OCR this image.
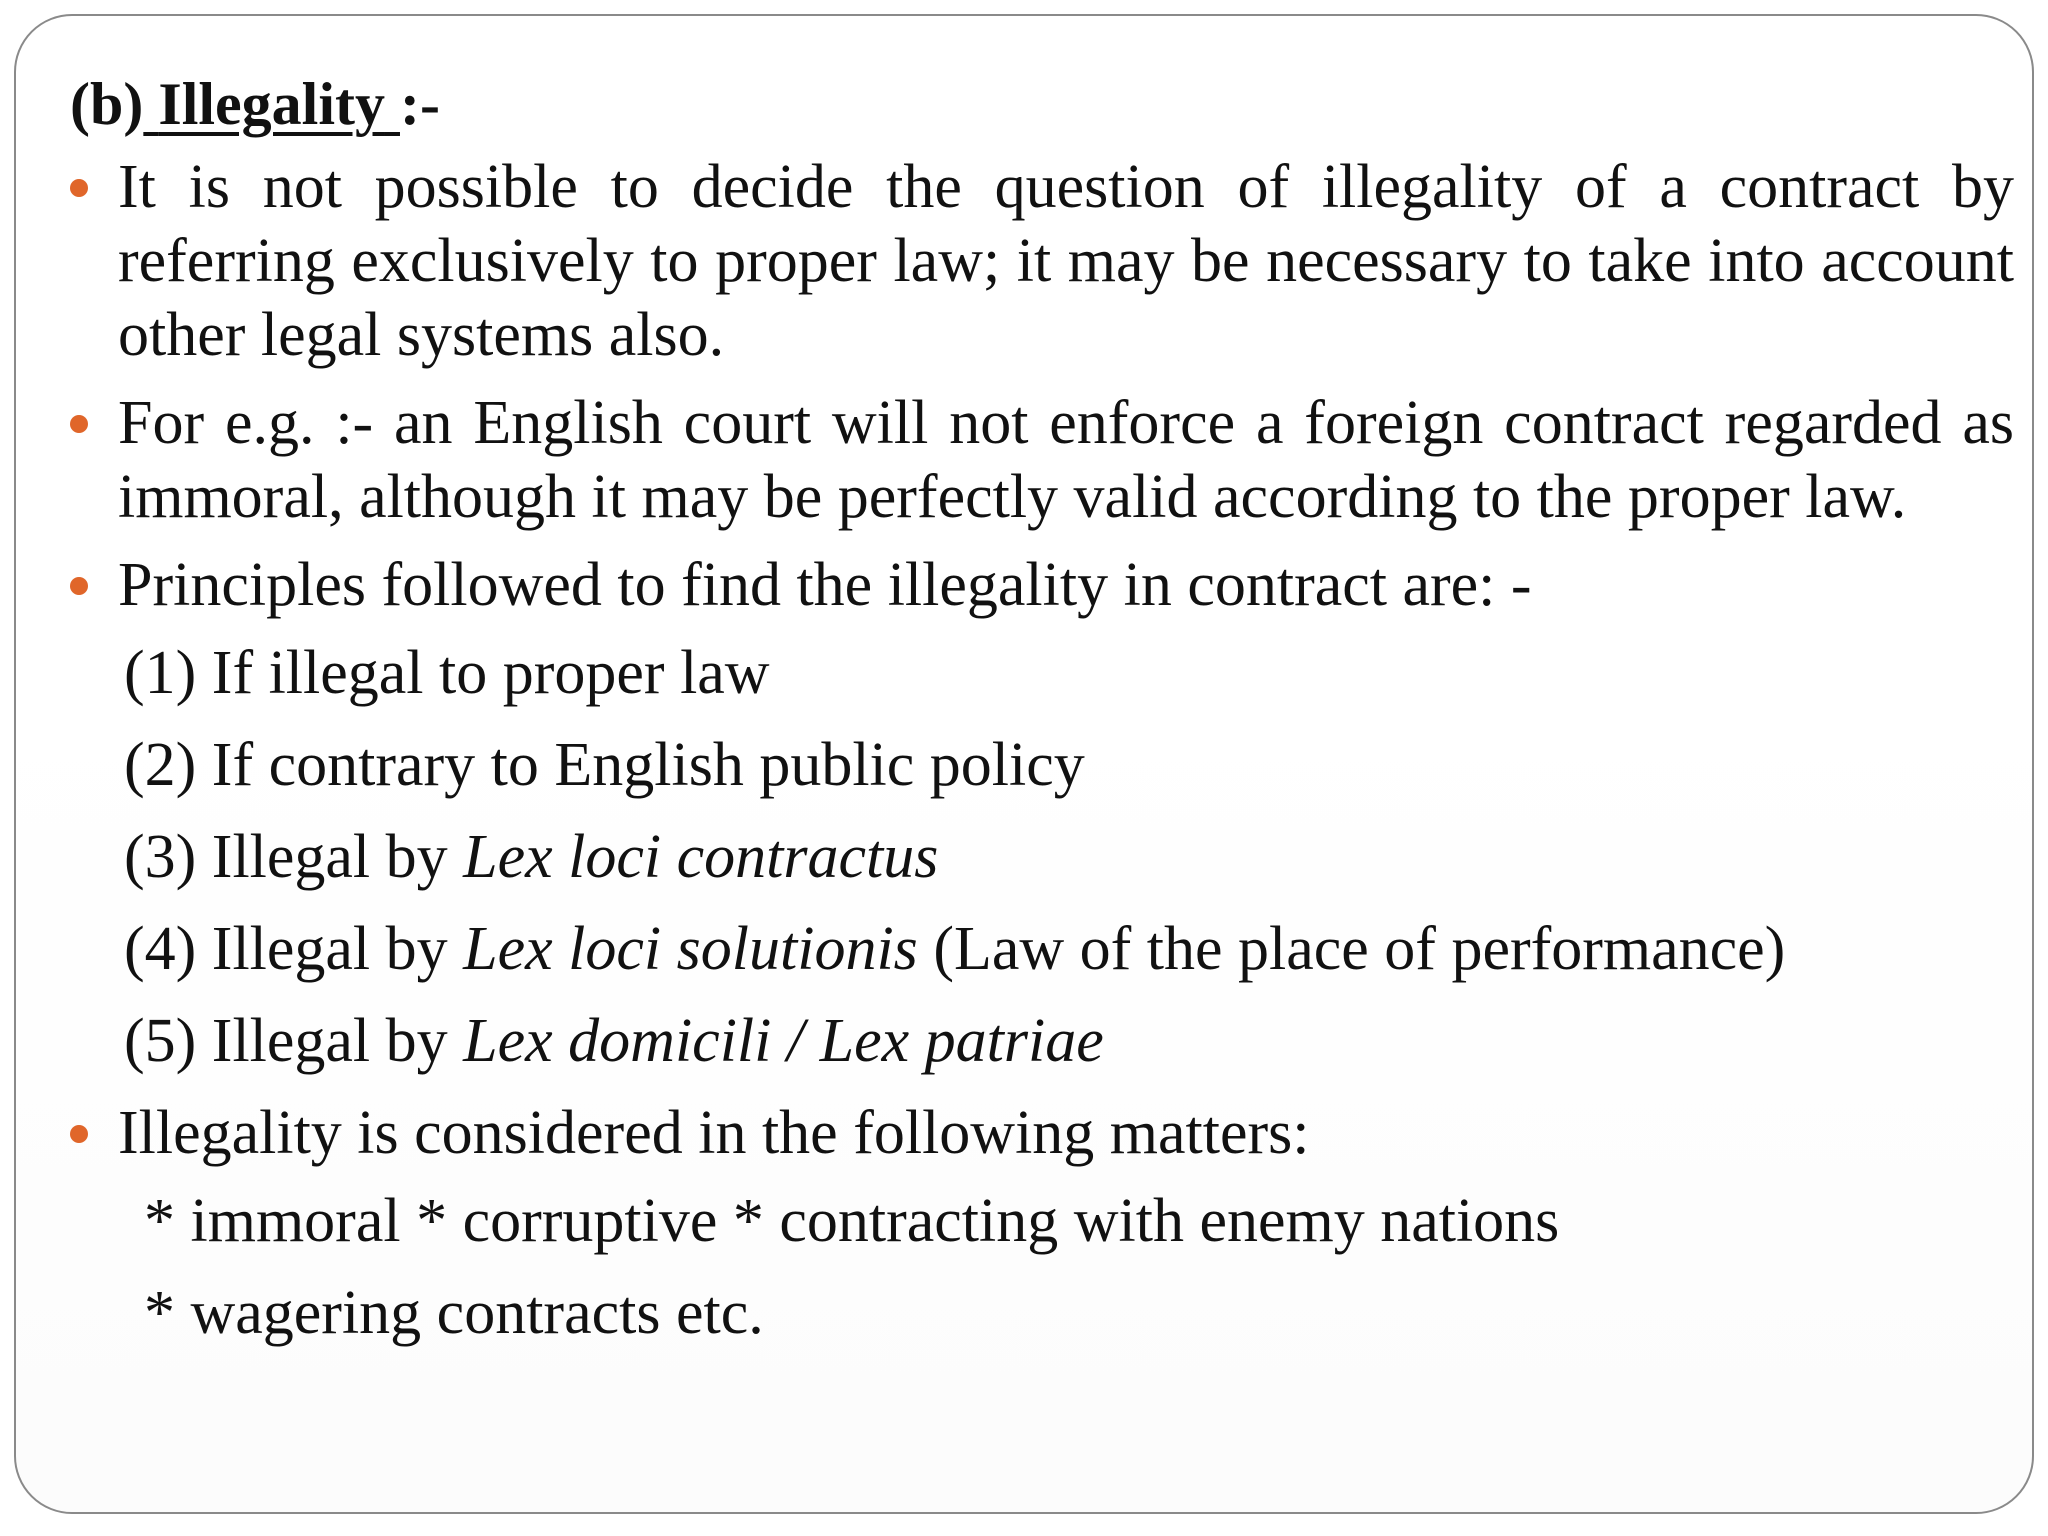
(b) Illegality :-
It is not possible to decide the question of illegality of a contract by referring exclusively to proper law; it may be necessary to take into account other legal systems also.
For e.g. :- an English court will not enforce a foreign contract regarded as immoral, although it may be perfectly valid according to the proper law.
Principles followed to find the illegality in contract are: -
(1) If illegal to proper law
(2) If contrary to English public policy
(3) Illegal by Lex loci contractus
(4) Illegal by Lex loci solutionis (Law of the place of performance)
(5) Illegal by Lex domicili / Lex patriae
Illegality is considered in the following matters:
* immoral * corruptive * contracting with enemy nations
* wagering contracts etc.
